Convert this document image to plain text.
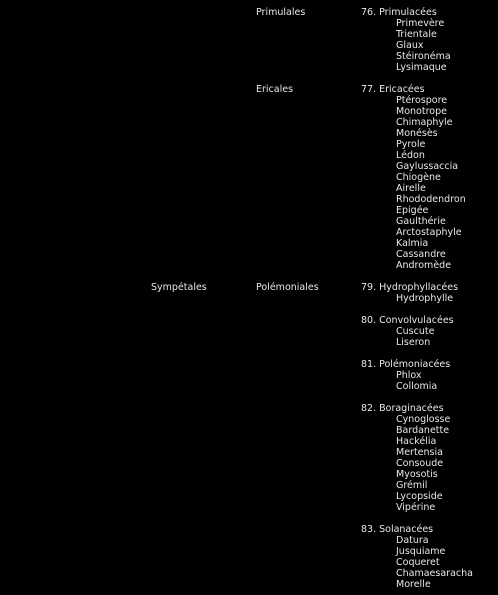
Sympétales
Primulales
Ericales
Polémoniales
76. Primulacées
Primevère
Trientale
Glaux
Stéironéma
Lysimaque
77. Ericacées
Ptérospore
Monotrope
Chimaphyle
Monésès
Pyrole
Lédon
Gaylussaccia
Chiogène
Airelle
Rhododendron
Epigée
Gaulthérie
Arctostaphyle
Kalmia
Cassandre
Andromède
79. Hydrophyllacées
Hydrophylle
80. Convolvulacées
Cuscute
Liseron
81. Polémoniacées
Phlox
Collomia
82. Boraginacées
Cynoglosse
Bardanette
Hackélia
Mertensia
Consoude
Myosotis
Grémil
Lycopside
Vipérine
83. Solanacées
Datura
Jusquiame
Coqueret
Chamaesaracha
Morelle
